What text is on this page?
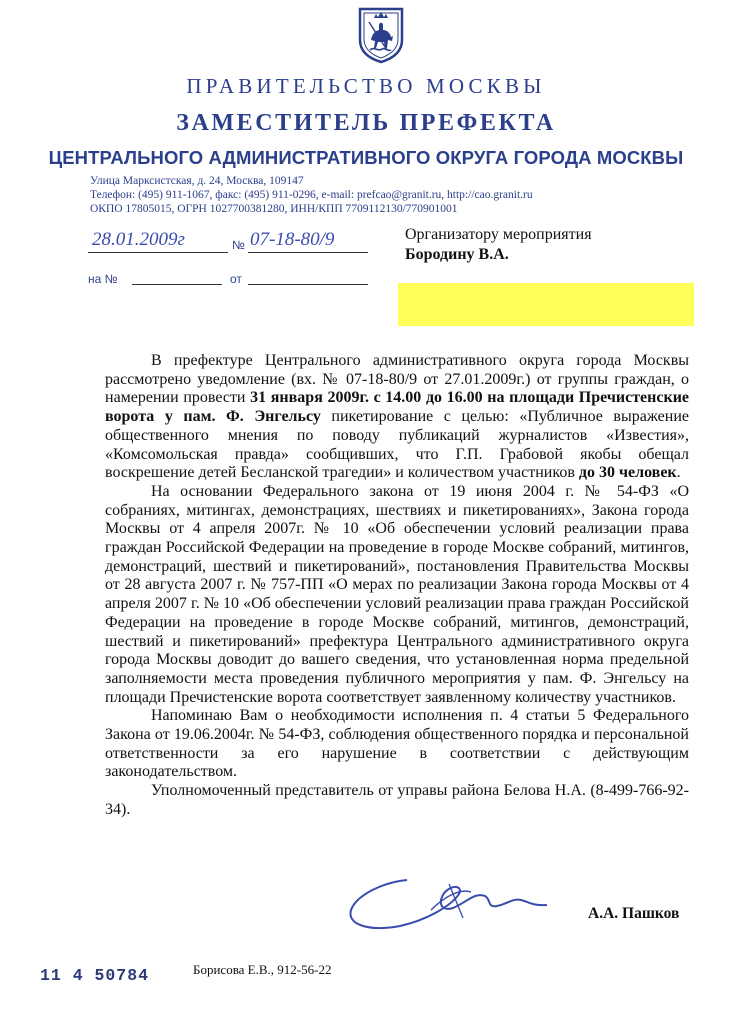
ПРАВИТЕЛЬСТВО МОСКВЫ
ЗАМЕСТИТЕЛЬ ПРЕФЕКТА
ЦЕНТРАЛЬНОГО АДМИНИСТРАТИВНОГО ОКРУГА ГОРОДА МОСКВЫ
Улица Марксистская, д. 24, Москва, 109147
Телефон: (495) 911-1067, факс: (495) 911-0296, e-mail: prefcao@granit.ru, http://cao.granit.ru
ОКПО 17805015, ОГРН 1027700381280, ИНН/КПП 7709112130/770901001
28.01.2009г	№ 07-18-80/9
на №	от
Организатору мероприятия
Бородину В.А.

В префектуре Центрального административного округа города Москвы рассмотрено уведомление (вх. № 07-18-80/9 от 27.01.2009г.) от группы граждан, о намерении провести 31 января 2009г. с 14.00 до 16.00 на площади Пречистенские ворота у пам. Ф. Энгельсу пикетирование с целью: «Публичное выражение общественного мнения по поводу публикаций журналистов «Известия», «Комсомольская правда» сообщивших, что Г.П. Грабовой якобы обещал воскрешение детей Бесланской трагедии» и количеством участников до 30 человек.

На основании Федерального закона от 19 июня 2004 г. № 54-ФЗ «О собраниях, митингах, демонстрациях, шествиях и пикетированиях», Закона города Москвы от 4 апреля 2007г. № 10 «Об обеспечении условий реализации права граждан Российской Федерации на проведение в городе Москве собраний, митингов, демонстраций, шествий и пикетирований», постановления Правительства Москвы от 28 августа 2007 г. № 757-ПП «О мерах по реализации Закона города Москвы от 4 апреля 2007 г. № 10 «Об обеспечении условий реализации права граждан Российской Федерации на проведение в городе Москве собраний, митингов, демонстраций, шествий и пикетирований» префектура Центрального административного округа города Москвы доводит до вашего сведения, что установленная норма предельной заполняемости места проведения публичного мероприятия у пам. Ф. Энгельсу на площади Пречистенские ворота соответствует заявленному количеству участников.

Напоминаю Вам о необходимости исполнения п. 4 статьи 5 Федерального Закона от 19.06.2004г. № 54-ФЗ, соблюдения общественного порядка и персональной ответственности за его нарушение в соответствии с действующим законодательством.

Уполномоченный представитель от управы района Белова Н.А. (8-499-766-92-34).

А.А. Пашков
11 4 50784	Борисова Е.В., 912-56-22
